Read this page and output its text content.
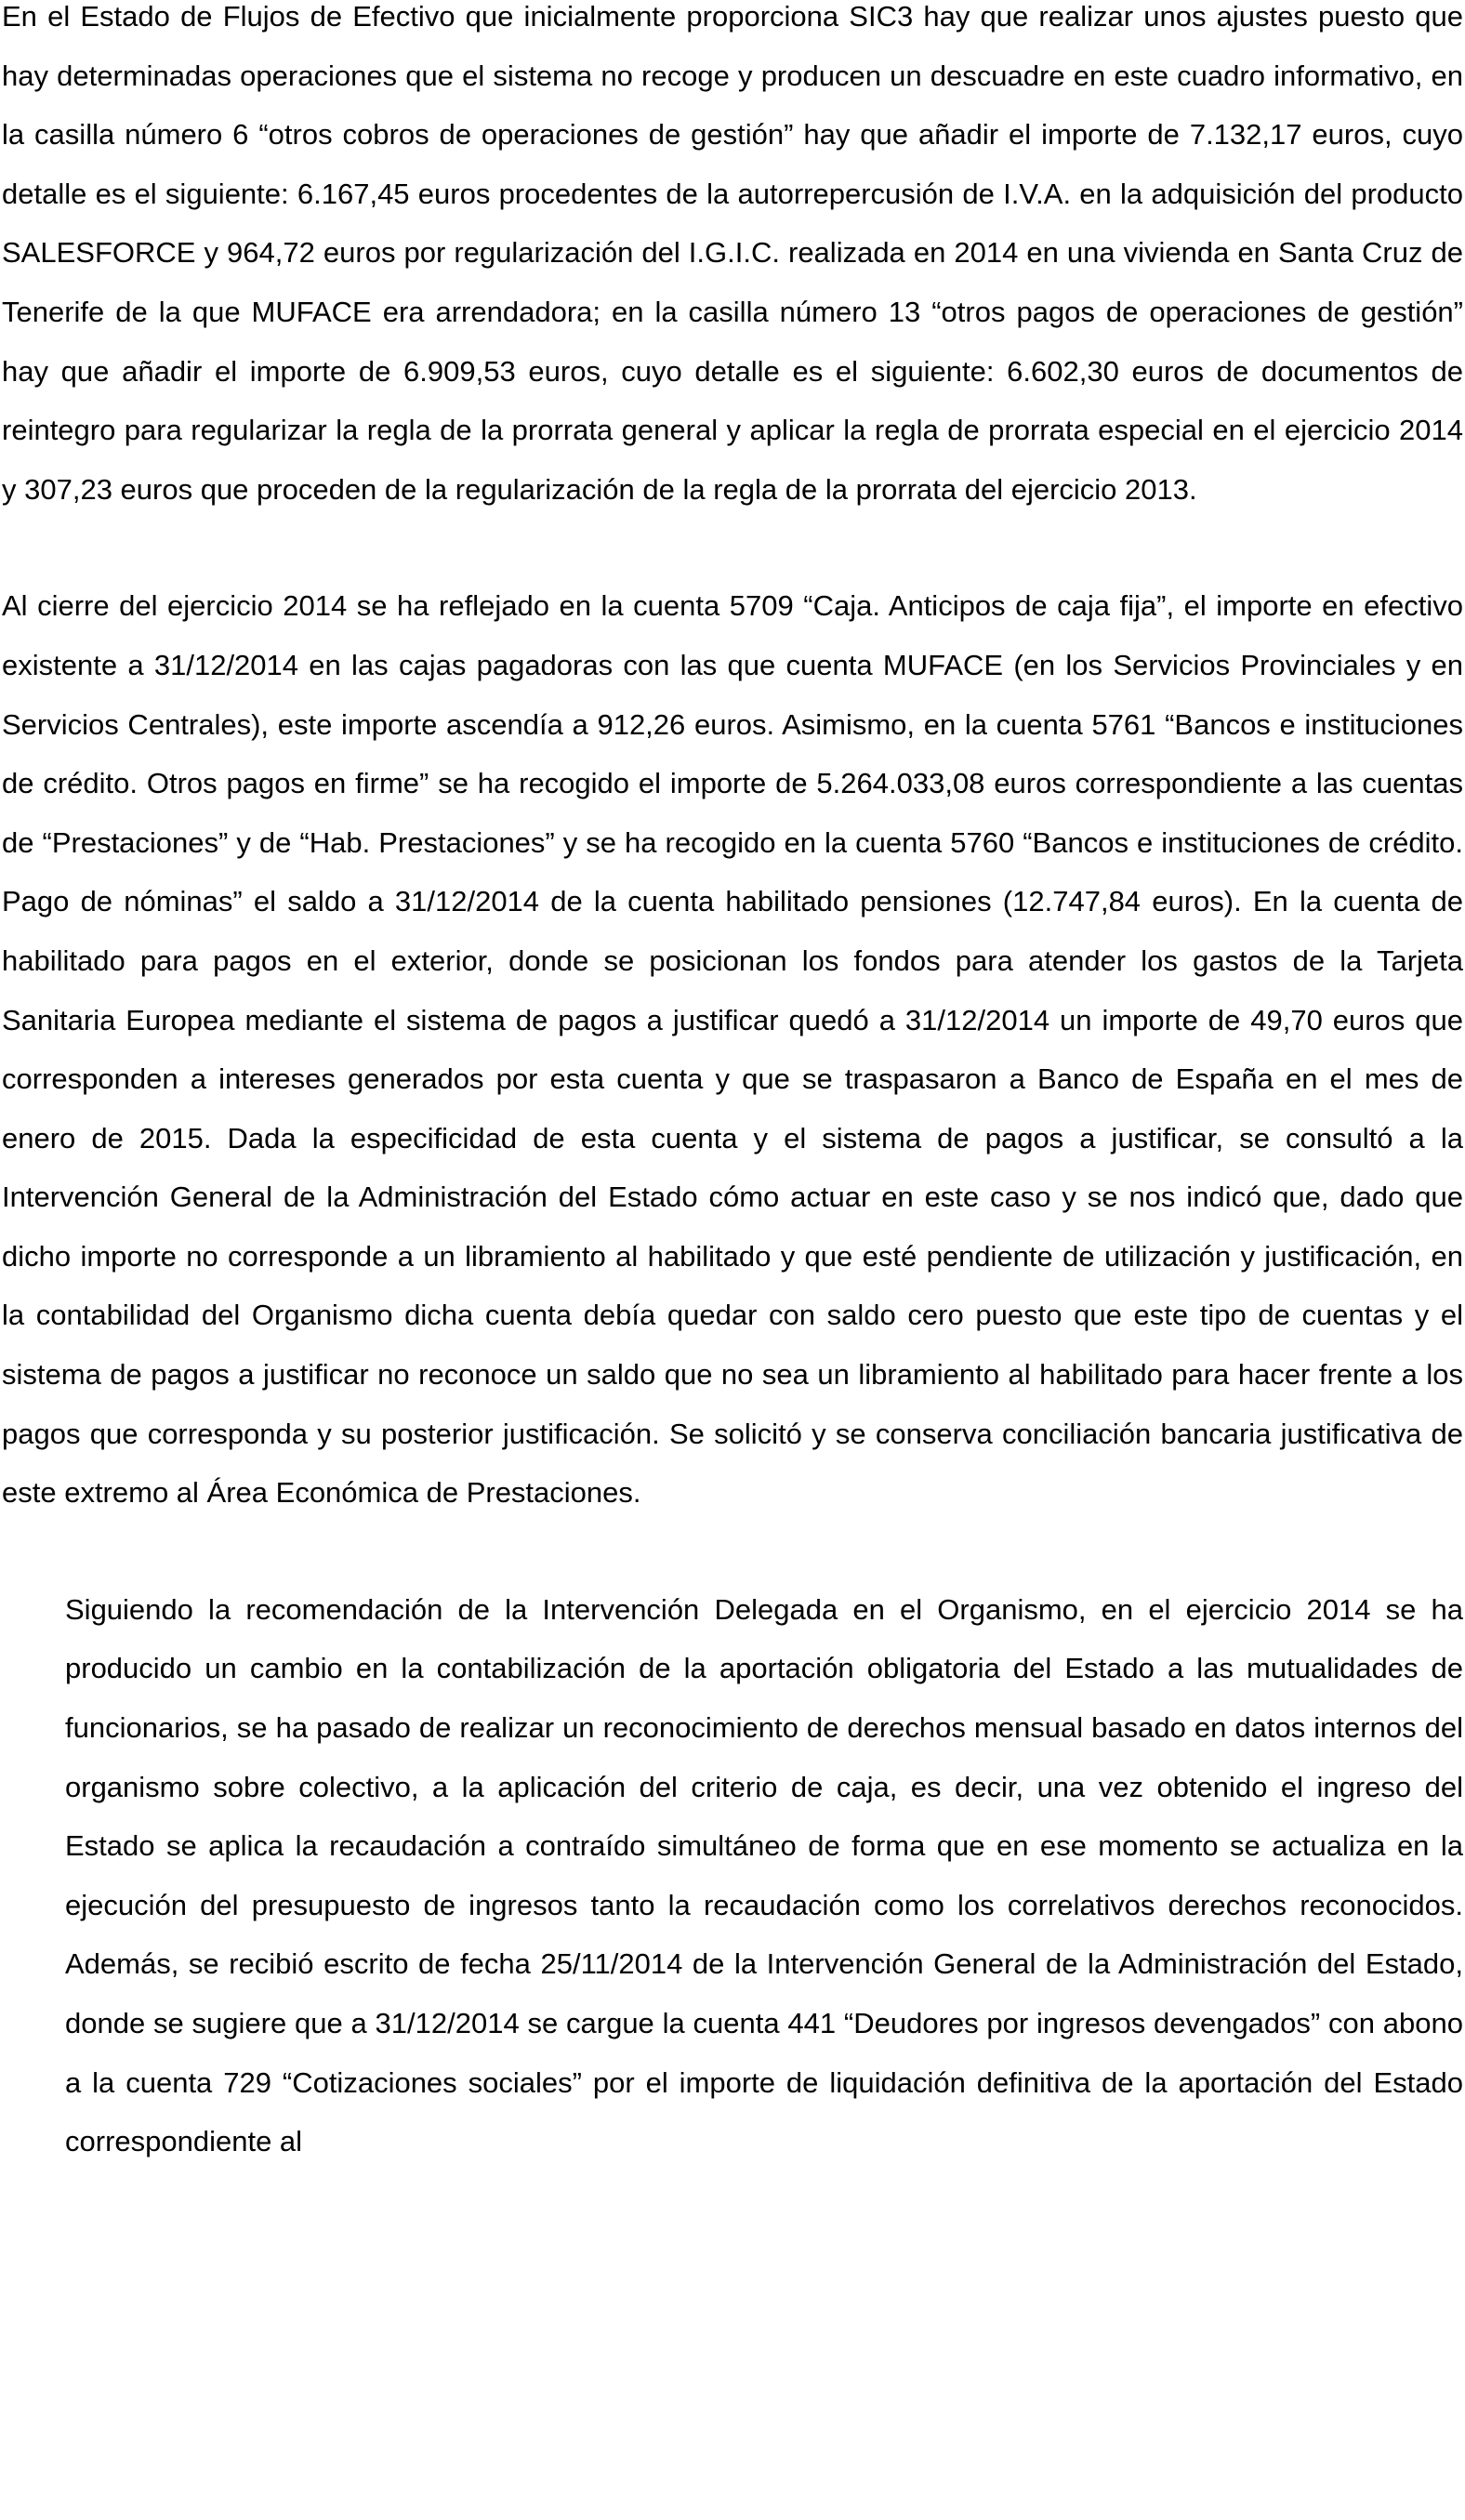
En el Estado de Flujos de Efectivo que inicialmente proporciona SIC3 hay que realizar unos ajustes puesto que hay determinadas operaciones que el sistema no recoge y producen un descuadre en este cuadro informativo, en la casilla número 6 “otros cobros de operaciones de gestión” hay que añadir el importe de 7.132,17 euros, cuyo detalle es el siguiente: 6.167,45 euros procedentes de la autorrepercusión de I.V.A. en la adquisición del producto SALESFORCE y 964,72 euros por regularización del I.G.I.C. realizada en 2014 en una vivienda en Santa Cruz de Tenerife de la que MUFACE era arrendadora; en la casilla número 13 “otros pagos de operaciones de gestión” hay que añadir el importe de 6.909,53 euros, cuyo detalle es el siguiente: 6.602,30 euros de documentos de reintegro para regularizar la regla de la prorrata general y aplicar la regla de prorrata especial en el ejercicio 2014 y 307,23 euros que proceden de la regularización de la regla de la prorrata del ejercicio 2013.

Al cierre del ejercicio 2014 se ha reflejado en la cuenta 5709 “Caja. Anticipos de caja fija”, el importe en efectivo existente a 31/12/2014 en las cajas pagadoras con las que cuenta MUFACE (en los Servicios Provinciales y en Servicios Centrales), este importe ascendía a 912,26 euros. Asimismo, en la cuenta 5761 “Bancos e instituciones de crédito. Otros pagos en firme” se ha recogido el importe de 5.264.033,08 euros correspondiente a las cuentas de “Prestaciones” y de “Hab. Prestaciones” y se ha recogido en la cuenta 5760 “Bancos e instituciones de crédito. Pago de nóminas” el saldo a 31/12/2014 de la cuenta habilitado pensiones (12.747,84 euros). En la cuenta de habilitado para pagos en el exterior, donde se posicionan los fondos para atender los gastos de la Tarjeta Sanitaria Europea mediante el sistema de pagos a justificar quedó a 31/12/2014 un importe de 49,70 euros que corresponden a intereses generados por esta cuenta y que se traspasaron a Banco de España en el mes de enero de 2015. Dada la especificidad de esta cuenta y el sistema de pagos a justificar, se consultó a la Intervención General de la Administración del Estado cómo actuar en este caso y se nos indicó que, dado que dicho importe no corresponde a un libramiento al habilitado y que esté pendiente de utilización y justificación, en la contabilidad del Organismo dicha cuenta debía quedar con saldo cero puesto que este tipo de cuentas y el sistema de pagos a justificar no reconoce un saldo que no sea un libramiento al habilitado para hacer frente a los pagos que corresponda y su posterior justificación. Se solicitó y se conserva conciliación bancaria justificativa de este extremo al Área Económica de Prestaciones.

Siguiendo la recomendación de la Intervención Delegada en el Organismo, en el ejercicio 2014 se ha producido un cambio en la contabilización de la aportación obligatoria del Estado a las mutualidades de funcionarios, se ha pasado de realizar un reconocimiento de derechos mensual basado en datos internos del organismo sobre colectivo, a la aplicación del criterio de caja, es decir, una vez obtenido el ingreso del Estado se aplica la recaudación a contraído simultáneo de forma que en ese momento se actualiza en la ejecución del presupuesto de ingresos tanto la recaudación como los correlativos derechos reconocidos. Además, se recibió escrito de fecha 25/11/2014 de la Intervención General de la Administración del Estado, donde se sugiere que a 31/12/2014 se cargue la cuenta 441 “Deudores por ingresos devengados” con abono a la cuenta 729 “Cotizaciones sociales” por el importe de liquidación definitiva de la aportación del Estado correspondiente al
